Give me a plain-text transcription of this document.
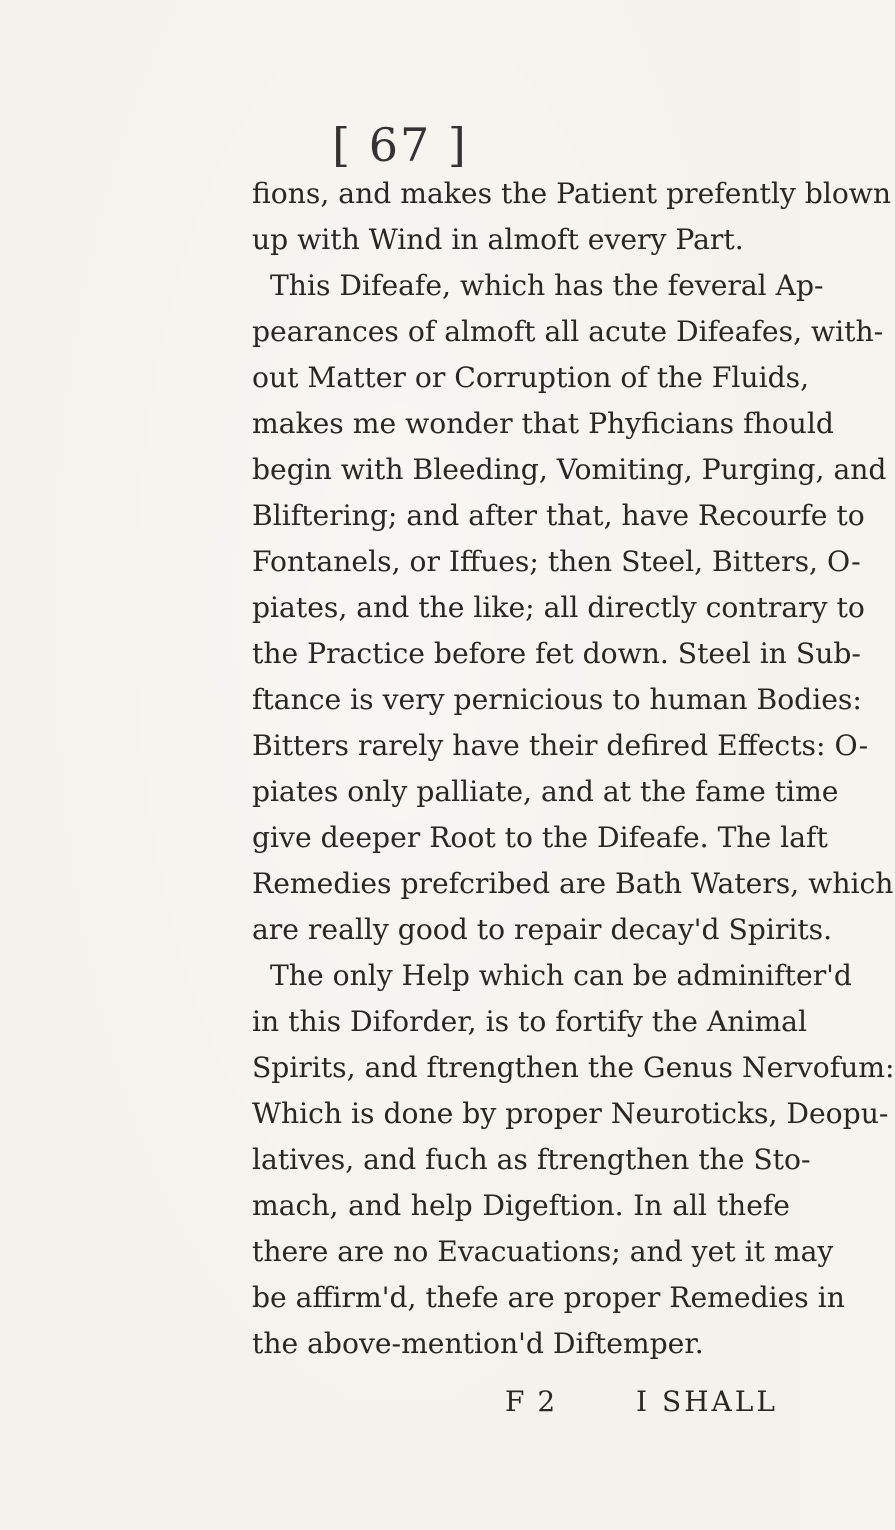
[ 67 ]
fions, and makes the Patient prefently blown
up with Wind in almoft every Part.
This Difeafe, which has the feveral Ap-
pearances of almoft all acute Difeafes, with-
out Matter or Corruption of the Fluids,
makes me wonder that Phyficians fhould
begin with Bleeding, Vomiting, Purging, and
Bliftering; and after that, have Recourfe to
Fontanels, or Iffues; then Steel, Bitters, O-
piates, and the like; all directly contrary to
the Practice before fet down. Steel in Sub-
ftance is very pernicious to human Bodies:
Bitters rarely have their defired Effects: O-
piates only palliate, and at the fame time
give deeper Root to the Difeafe. The laft
Remedies prefcribed are Bath Waters, which
are really good to repair decay'd Spirits.
The only Help which can be adminifter'd
in this Diforder, is to fortify the Animal
Spirits, and ftrengthen the Genus Nervofum:
Which is done by proper Neuroticks, Deopu-
latives, and fuch as ftrengthen the Sto-
mach, and help Digeftion. In all thefe
there are no Evacuations; and yet it may
be affirm'd, thefe are proper Remedies in
the above-mention'd Diftemper.
F 2	I SHALL
